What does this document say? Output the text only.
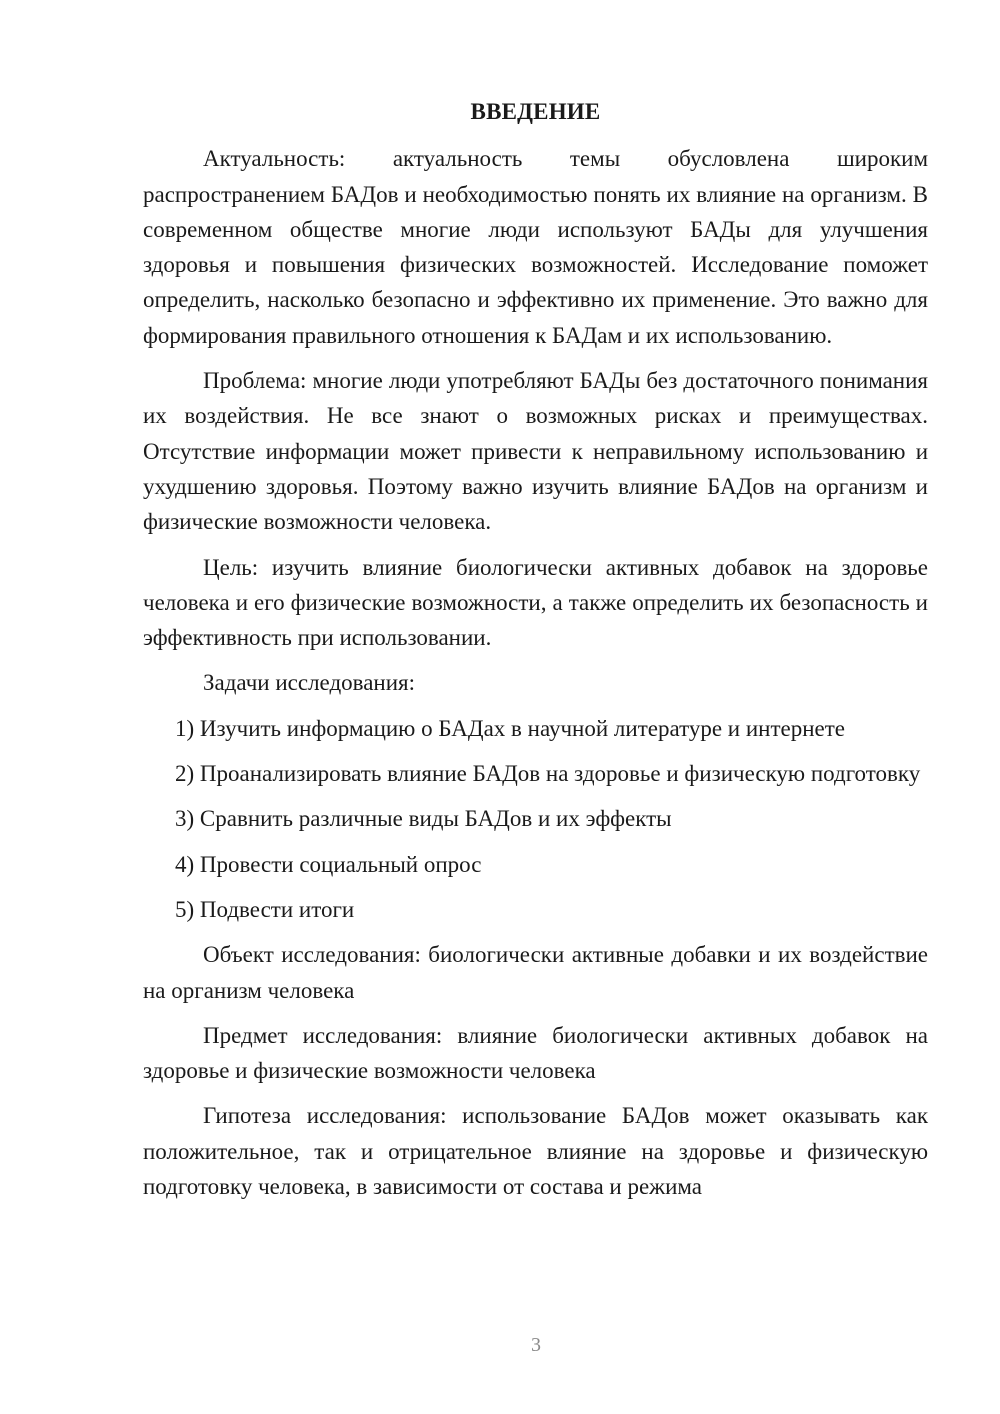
ВВЕДЕНИЕ

Актуальность: актуальность темы обусловлена широким распространением БАДов и необходимостью понять их влияние на организм. В современном обществе многие люди используют БАДы для улучшения здоровья и повышения физических возможностей. Исследование поможет определить, насколько безопасно и эффективно их применение. Это важно для формирования правильного отношения к БАДам и их использованию.

Проблема: многие люди употребляют БАДы без достаточного понимания их воздействия. Не все знают о возможных рисках и преимуществах. Отсутствие информации может привести к неправильному использованию и ухудшению здоровья. Поэтому важно изучить влияние БАДов на организм и физические возможности человека.

Цель: изучить влияние биологически активных добавок на здоровье человека и его физические возможности, а также определить их безопасность и эффективность при использовании.

Задачи исследования:

1) Изучить информацию о БАДах в научной литературе и интернете

2) Проанализировать влияние БАДов на здоровье и физическую подготовку

3) Сравнить различные виды БАДов и их эффекты

4) Провести социальный опрос

5) Подвести итоги

Объект исследования: биологически активные добавки и их воздействие на организм человека

Предмет исследования: влияние биологически активных добавок на здоровье и физические возможности человека

Гипотеза исследования: использование БАДов может оказывать как положительное, так и отрицательное влияние на здоровье и физическую подготовку человека, в зависимости от состава и режима

3
